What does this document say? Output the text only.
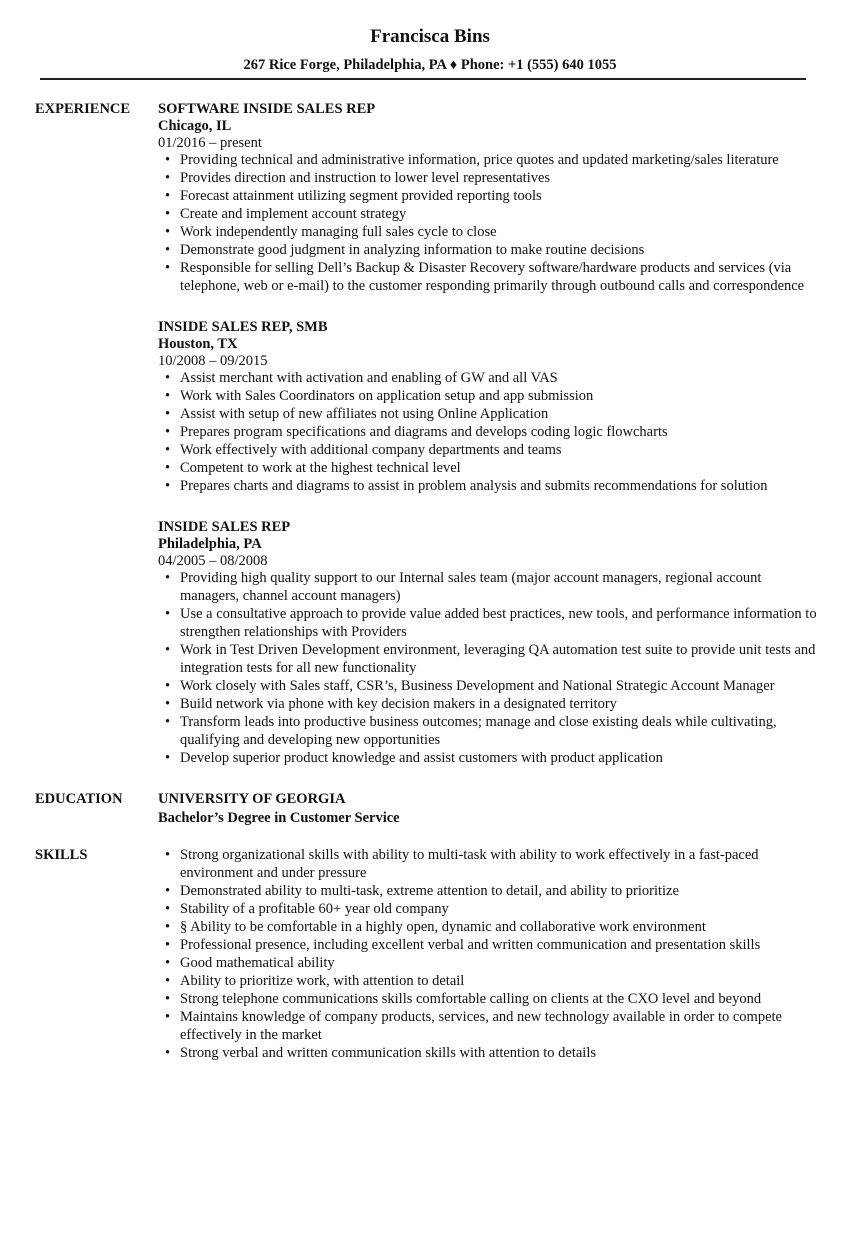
Francisca Bins
267 Rice Forge, Philadelphia, PA ♦ Phone: +1 (555) 640 1055
EXPERIENCE SOFTWARE INSIDE SALES REP
Chicago, IL
01/2016 – present
• Providing technical and administrative information, price quotes and updated marketing/sales literature
• Provides direction and instruction to lower level representatives
• Forecast attainment utilizing segment provided reporting tools
• Create and implement account strategy
• Work independently managing full sales cycle to close
• Demonstrate good judgment in analyzing information to make routine decisions
• Responsible for selling Dell’s Backup & Disaster Recovery software/hardware products and services (via telephone, web or e-mail) to the customer responding primarily through outbound calls and correspondence
INSIDE SALES REP, SMB
Houston, TX
10/2008 – 09/2015
• Assist merchant with activation and enabling of GW and all VAS
• Work with Sales Coordinators on application setup and app submission
• Assist with setup of new affiliates not using Online Application
• Prepares program specifications and diagrams and develops coding logic flowcharts
• Work effectively with additional company departments and teams
• Competent to work at the highest technical level
• Prepares charts and diagrams to assist in problem analysis and submits recommendations for solution
INSIDE SALES REP
Philadelphia, PA
04/2005 – 08/2008
• Providing high quality support to our Internal sales team (major account managers, regional account managers, channel account managers)
• Use a consultative approach to provide value added best practices, new tools, and performance information to strengthen relationships with Providers
• Work in Test Driven Development environment, leveraging QA automation test suite to provide unit tests and integration tests for all new functionality
• Work closely with Sales staff, CSR’s, Business Development and National Strategic Account Manager
• Build network via phone with key decision makers in a designated territory
• Transform leads into productive business outcomes; manage and close existing deals while cultivating, qualifying and developing new opportunities
• Develop superior product knowledge and assist customers with product application
EDUCATION UNIVERSITY OF GEORGIA
Bachelor’s Degree in Customer Service
SKILLS
•	Strong organizational skills with ability to multi-task with ability to work effectively in a fast-paced environment and under pressure
• Demonstrated ability to multi-task, extreme attention to detail, and ability to prioritize
• Stability of a profitable 60+ year old company
• § Ability to be comfortable in a highly open, dynamic and collaborative work environment
• Professional presence, including excellent verbal and written communication and presentation skills
• Good mathematical ability
• Ability to prioritize work, with attention to detail
• Strong telephone communications skills comfortable calling on clients at the CXO level and beyond
• Maintains knowledge of company products, services, and new technology available in order to compete effectively in the market
• Strong verbal and written communication skills with attention to details
